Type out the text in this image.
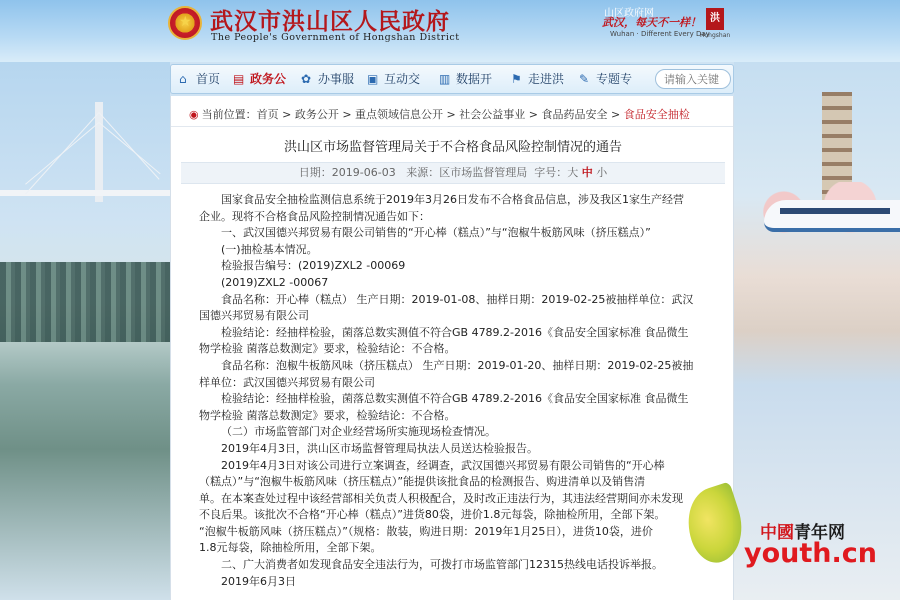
★ 武汉市洪山区人民政府
The People's Government of Hongshan District
山区政府网
武汉，每天不一样！
Wuhan · Different Every Day
洪
Hongshan
⌂ 首页 ▤ 政务公 ✿ 办事服 ▣ 互动交 ▥ 数据开 ⚑ 走进洪 ✎ 专题专
请输入关键
◉ 当前位置：首页 > 政务公开 > 重点领域信息公开 > 社会公益事业 > 食品药品安全 > 食品安全抽检
洪山区市场监督管理局关于不合格食品风险控制情况的通告
日期：2019-06-03 来源：区市场监督管理局 字号：大 中 小

国家食品安全抽检监测信息系统于2019年3月26日发布不合格食品信息，涉及我区1家生产经营

企业。现将不合格食品风险控制情况通告如下：

一、武汉国德兴邦贸易有限公司销售的“开心棒（糕点）”与“泡椒牛板筋风味（挤压糕点）”

(一)抽检基本情况。

检验报告编号：(2019)ZXL2 -00069

(2019)ZXL2 -00067

食品名称：开心棒（糕点） 生产日期：2019-01-08、抽样日期：2019-02-25被抽样单位：武汉

国德兴邦贸易有限公司

检验结论：经抽样检验，菌落总数实测值不符合GB 4789.2-2016《食品安全国家标准 食品微生

物学检验 菌落总数测定》要求，检验结论：不合格。

食品名称：泡椒牛板筋风味（挤压糕点） 生产日期：2019-01-20、抽样日期：2019-02-25被抽

样单位：武汉国德兴邦贸易有限公司

检验结论：经抽样检验，菌落总数实测值不符合GB 4789.2-2016《食品安全国家标准 食品微生

物学检验 菌落总数测定》要求，检验结论：不合格。

（二）市场监管部门对企业经营场所实施现场检查情况。

2019年4月3日，洪山区市场监督管理局执法人员送达检验报告。

2019年4月3日对该公司进行立案调查，经调查，武汉国德兴邦贸易有限公司销售的“开心棒

（糕点）”与“泡椒牛板筋风味（挤压糕点）”能提供该批食品的检测报告、购进清单以及销售清

单。在本案查处过程中该经营部相关负责人积极配合，及时改正违法行为，其违法经营期间亦未发现

不良后果。该批次不合格“开心棒（糕点）”进货80袋，进价1.8元每袋，除抽检所用，全部下架。

“泡椒牛板筋风味（挤压糕点）”（规格：散装，购进日期：2019年1月25日），进货10袋，进价

1.8元每袋，除抽检所用，全部下架。

二、广大消费者如发现食品安全违法行为，可拨打市场监管部门12315热线电话投诉举报。

2019年6月3日

中國青年网
youth.cn
